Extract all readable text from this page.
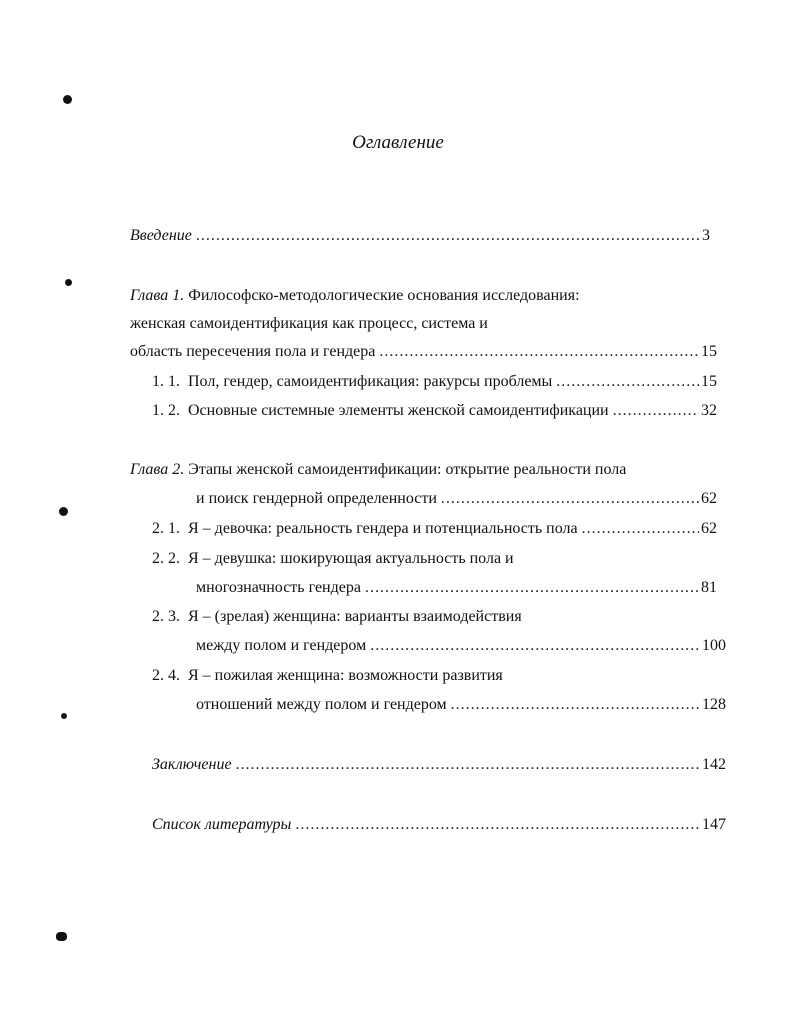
Оглавление
Введение .....	3
Глава 1. Философско-методологические основания исследования:
женская самоидентификация как процесс, система и
область пересечения пола и гендера .....	15
1. 1. Пол, гендер, самоидентификация: ракурсы проблемы .....	15
1. 2. Основные системные элементы женской самоидентификации .....	32
Глава 2. Этапы женской самоидентификации: открытие реальности пола
и поиск гендерной определенности .....	62
2. 1. Я – девочка: реальность гендера и потенциальность пола .....	62
2. 2. Я – девушка: шокирующая актуальность пола и
многозначность гендера .....	81
2. 3. Я – (зрелая) женщина: варианты взаимодействия
между полом и гендером .....	100
2. 4. Я – пожилая женщина: возможности развития
отношений между полом и гендером .....	128
Заключение .....	142
Список литературы .....	147
